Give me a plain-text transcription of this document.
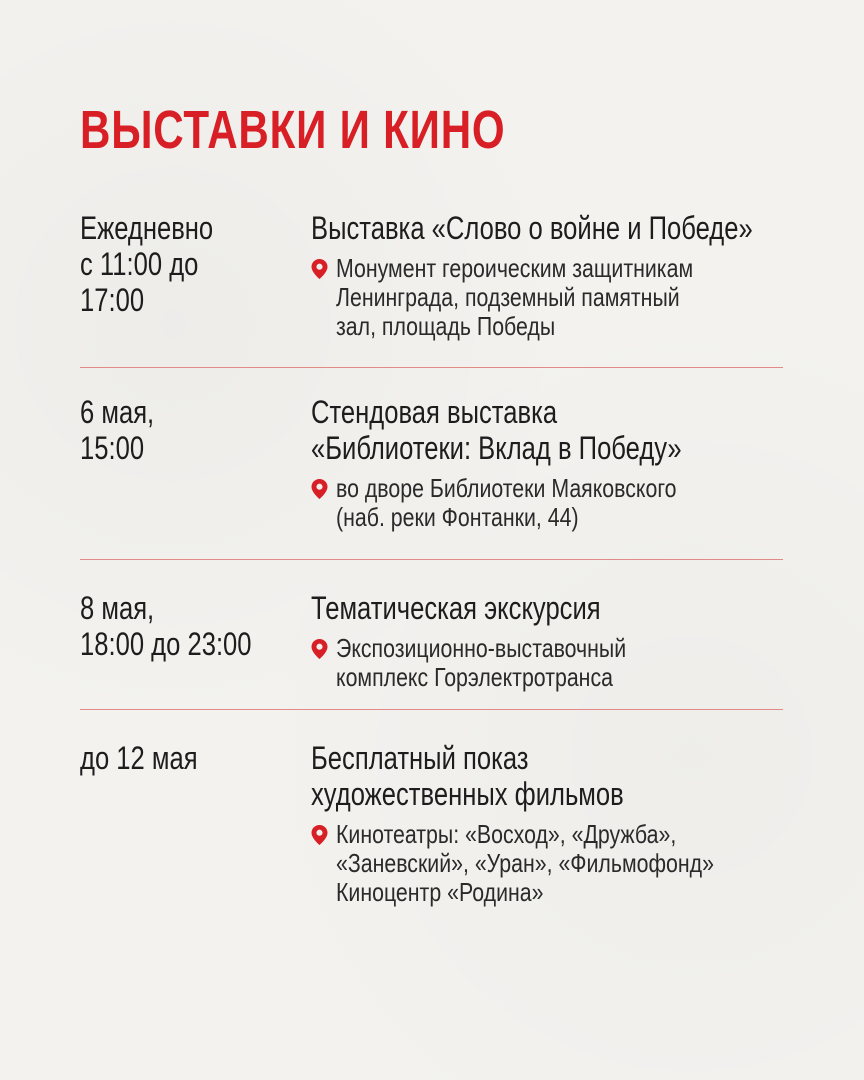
ВЫСТАВКИ И КИНО
Ежедневно
с 11:00 до 17:00
Выставка «Слово о войне и Победе»
Монумент героическим защитникам
Ленинграда, подземный памятный
зал, площадь Победы
6 мая,
15:00
Стендовая выставка
«Библиотеки: Вклад в Победу»
во дворе Библиотеки Маяковского
(наб. реки Фонтанки, 44)
8 мая,
18:00 до 23:00
Тематическая экскурсия
Экспозиционно-выставочный
комплекс Горэлектротранса
до 12 мая	Бесплатный показ
художественных фильмов
Кинотеатры: «Восход», «Дружба»,
«Заневский», «Уран», «Фильмофонд»
Киноцентр «Родина»
